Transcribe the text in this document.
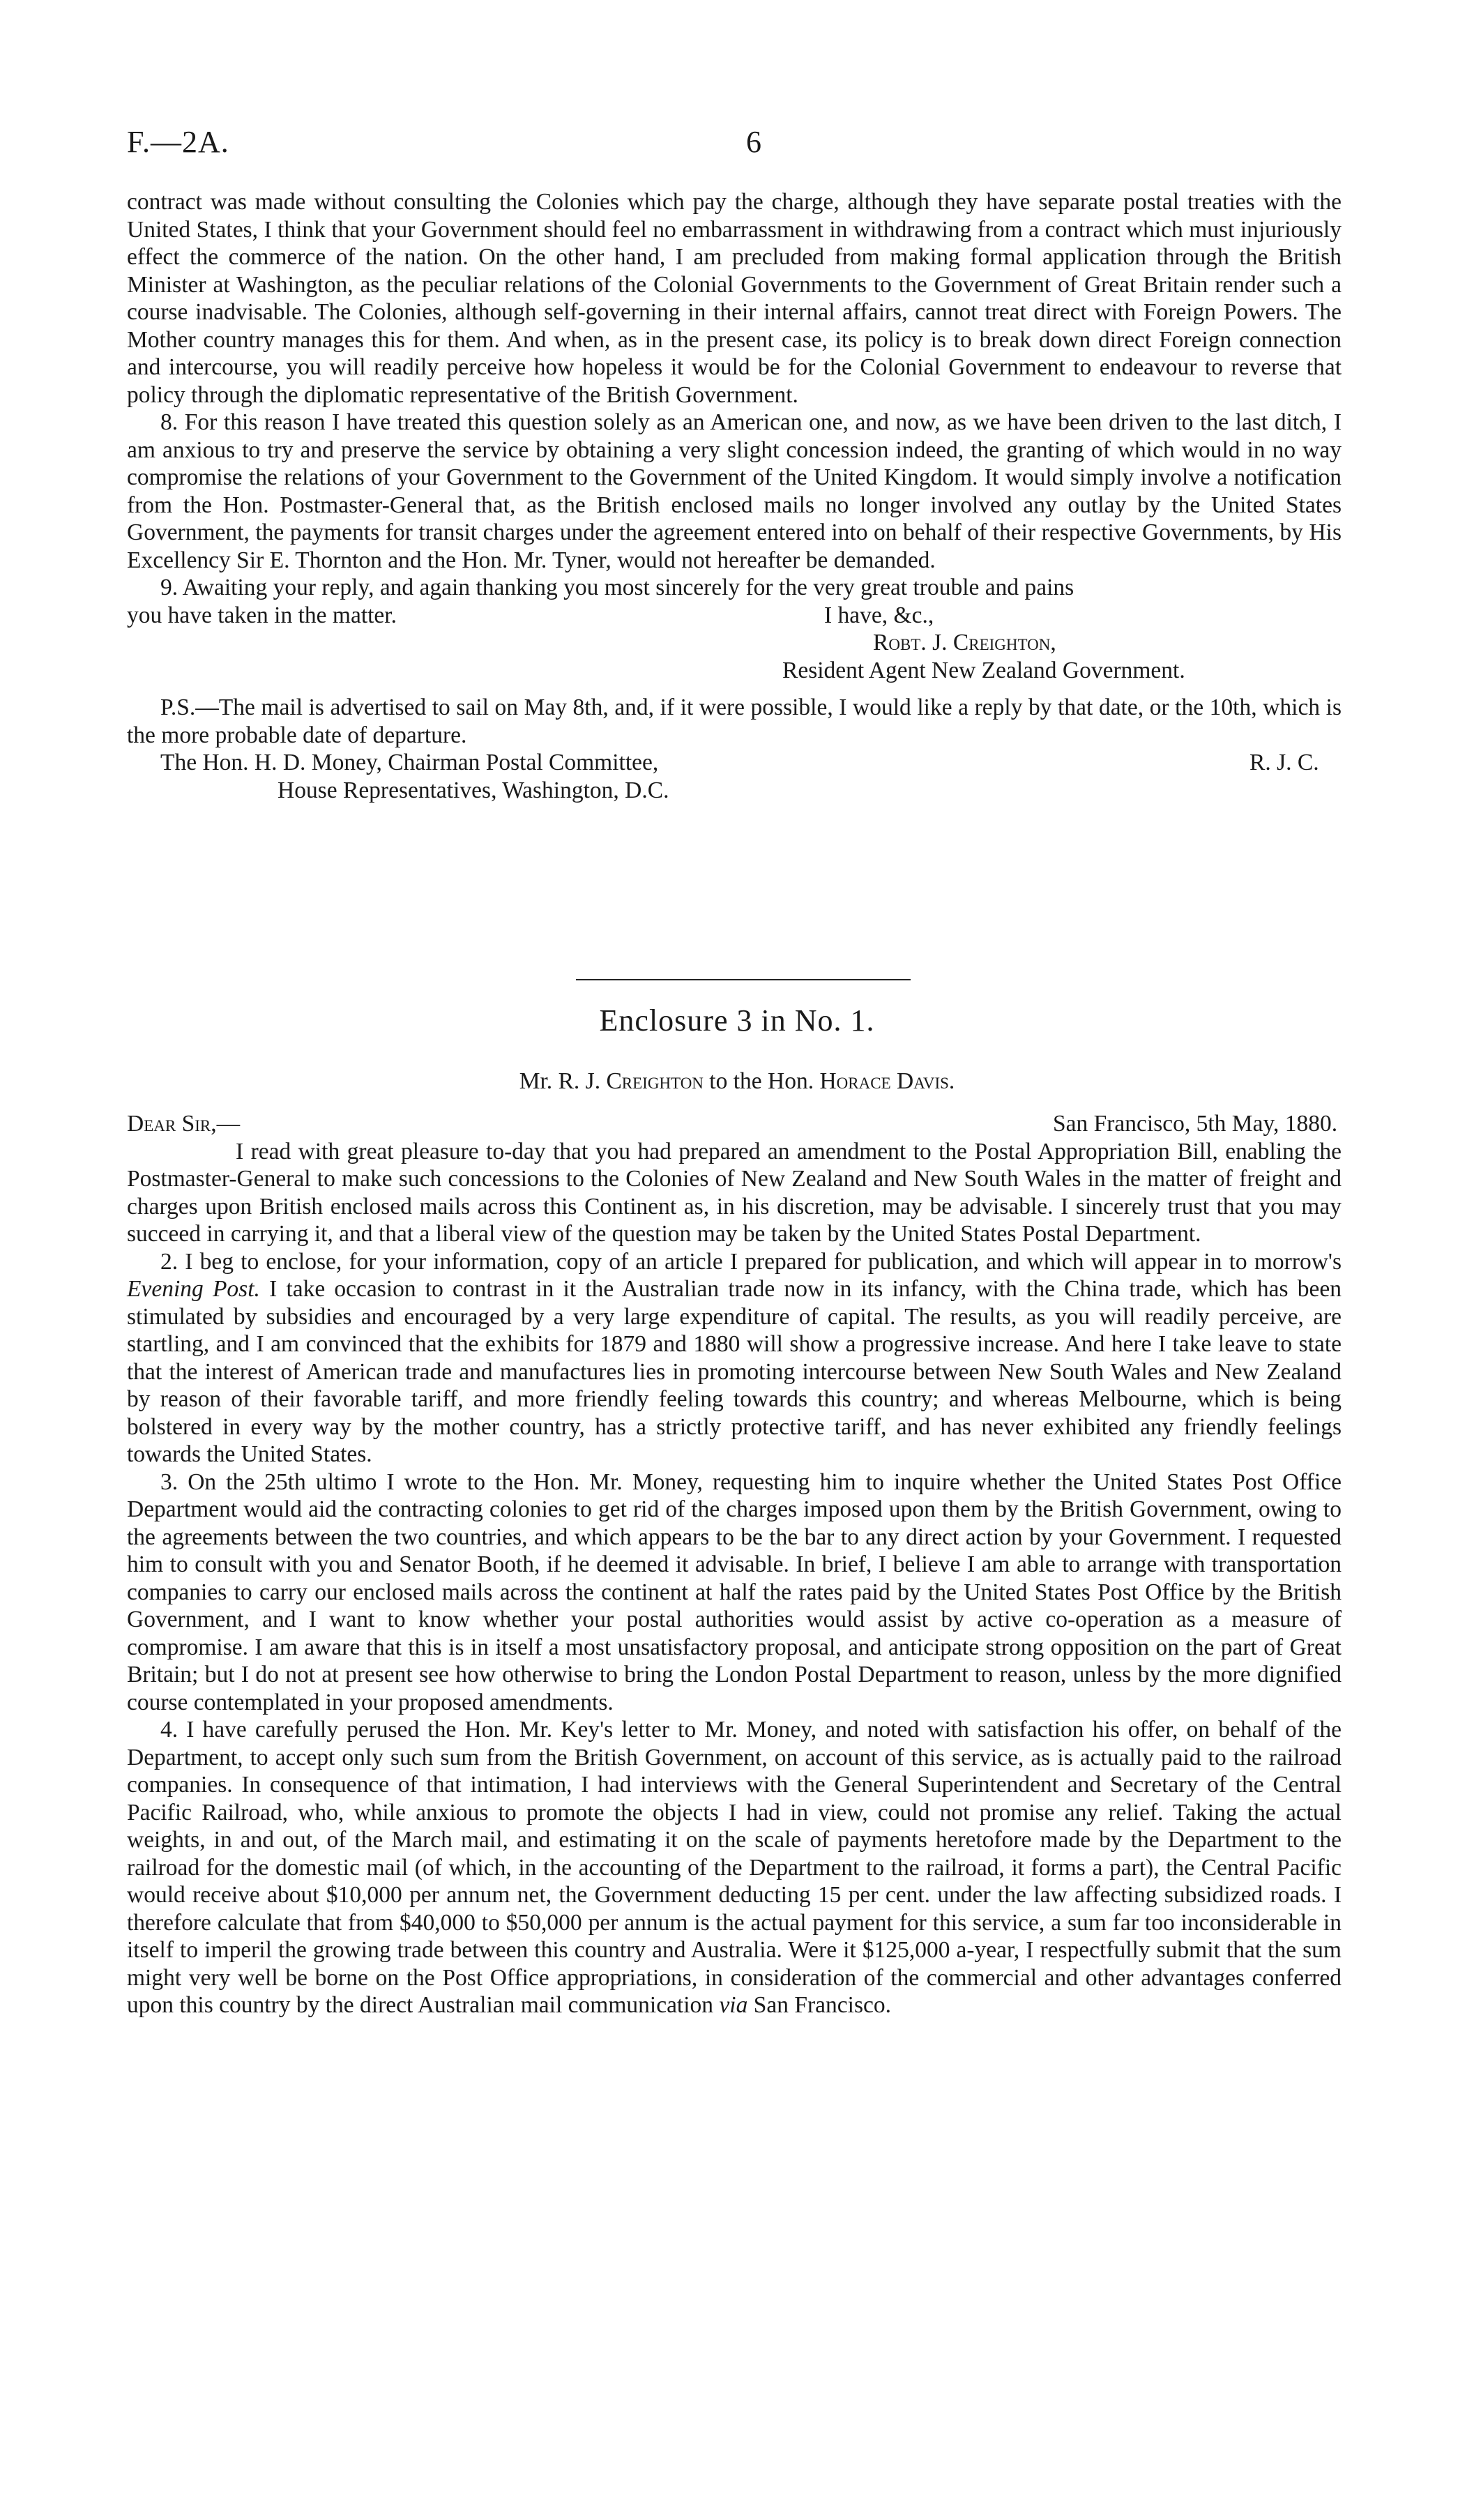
F.—2A.	6

contract was made without consulting the Colonies which pay the charge, although they have separate postal treaties with the United States, I think that your Government should feel no embarrassment in withdrawing from a contract which must injuriously effect the commerce of the nation. On the other hand, I am precluded from making formal application through the British Minister at Washington, as the peculiar relations of the Colonial Governments to the Government of Great Britain render such a course inadvisable. The Colonies, although self-governing in their internal affairs, cannot treat direct with Foreign Powers. The Mother country manages this for them. And when, as in the present case, its policy is to break down direct Foreign connection and intercourse, you will readily perceive how hopeless it would be for the Colonial Government to endeavour to reverse that policy through the diplomatic representative of the British Government.

8. For this reason I have treated this question solely as an American one, and now, as we have been driven to the last ditch, I am anxious to try and preserve the service by obtaining a very slight concession indeed, the granting of which would in no way compromise the relations of your Government to the Government of the United Kingdom. It would simply involve a notification from the Hon. Postmaster-General that, as the British enclosed mails no longer involved any outlay by the United States Government, the payments for transit charges under the agreement entered into on behalf of their respective Governments, by His Excellency Sir E. Thornton and the Hon. Mr. Tyner, would not hereafter be demanded.

9. Awaiting your reply, and again thanking you most sincerely for the very great trouble and pains
you have taken in the matter.	I have, &c.,
Robt. J. Creighton,
Resident Agent New Zealand Government.

P.S.—The mail is advertised to sail on May 8th, and, if it were possible, I would like a reply by that date, or the 10th, which is the more probable date of departure.

The Hon. H. D. Money, Chairman Postal Committee,	R. J. C.
House Representatives, Washington, D.C.
Enclosure 3 in No. 1.
Mr. R. J. Creighton to the Hon. Horace Davis.
Dear Sir,—	San Francisco, 5th May, 1880.

I read with great pleasure to-day that you had prepared an amendment to the Postal Appropriation Bill, enabling the Postmaster-General to make such concessions to the Colonies of New Zealand and New South Wales in the matter of freight and charges upon British enclosed mails across this Continent as, in his discretion, may be advisable. I sincerely trust that you may succeed in carrying it, and that a liberal view of the question may be taken by the United States Postal Department.

2. I beg to enclose, for your information, copy of an article I prepared for publication, and which will appear in to morrow's Evening Post. I take occasion to contrast in it the Australian trade now in its infancy, with the China trade, which has been stimulated by subsidies and encouraged by a very large expenditure of capital. The results, as you will readily perceive, are startling, and I am convinced that the exhibits for 1879 and 1880 will show a progressive increase. And here I take leave to state that the interest of American trade and manufactures lies in promoting intercourse between New South Wales and New Zealand by reason of their favorable tariff, and more friendly feeling towards this country; and whereas Melbourne, which is being bolstered in every way by the mother country, has a strictly protective tariff, and has never exhibited any friendly feelings towards the United States.

3. On the 25th ultimo I wrote to the Hon. Mr. Money, requesting him to inquire whether the United States Post Office Department would aid the contracting colonies to get rid of the charges imposed upon them by the British Government, owing to the agreements between the two countries, and which appears to be the bar to any direct action by your Government. I requested him to consult with you and Senator Booth, if he deemed it advisable. In brief, I believe I am able to arrange with transportation companies to carry our enclosed mails across the continent at half the rates paid by the United States Post Office by the British Government, and I want to know whether your postal authorities would assist by active co-operation as a measure of compromise. I am aware that this is in itself a most unsatisfactory proposal, and anticipate strong opposition on the part of Great Britain; but I do not at present see how otherwise to bring the London Postal Department to reason, unless by the more dignified course contemplated in your proposed amendments.

4. I have carefully perused the Hon. Mr. Key's letter to Mr. Money, and noted with satisfaction his offer, on behalf of the Department, to accept only such sum from the British Government, on account of this service, as is actually paid to the railroad companies. In consequence of that intimation, I had interviews with the General Superintendent and Secretary of the Central Pacific Railroad, who, while anxious to promote the objects I had in view, could not promise any relief. Taking the actual weights, in and out, of the March mail, and estimating it on the scale of payments heretofore made by the Department to the railroad for the domestic mail (of which, in the accounting of the Department to the railroad, it forms a part), the Central Pacific would receive about $10,000 per annum net, the Government deducting 15 per cent. under the law affecting subsidized roads. I therefore calculate that from $40,000 to $50,000 per annum is the actual payment for this service, a sum far too inconsiderable in itself to imperil the growing trade between this country and Australia. Were it $125,000 a-year, I respectfully submit that the sum might very well be borne on the Post Office appropriations, in consideration of the commercial and other advantages conferred upon this country by the direct Australian mail communication via San Francisco.
